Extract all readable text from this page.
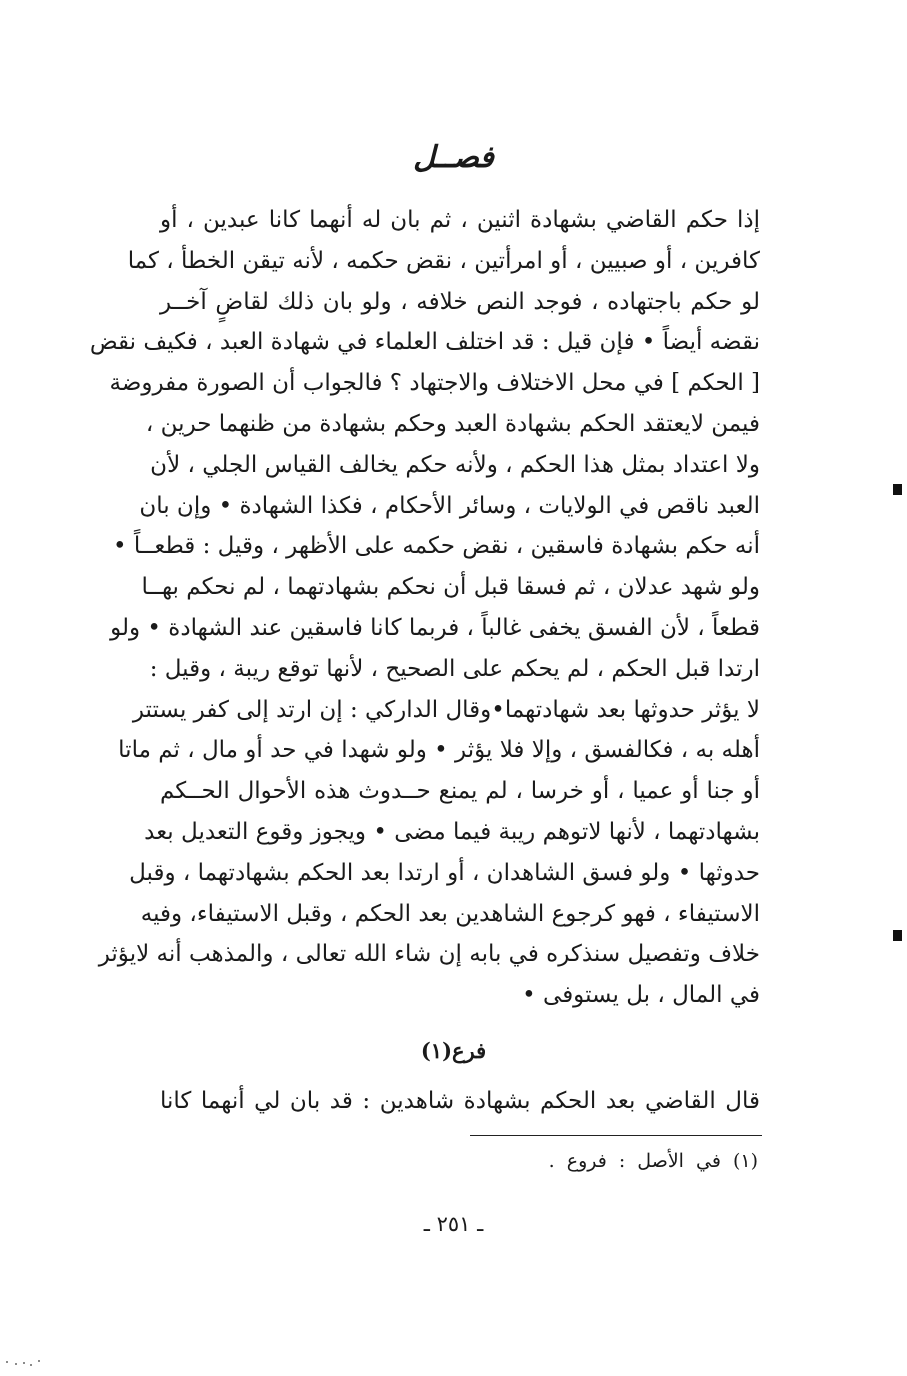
فصــل
إذا حكم القاضي بشهادة اثنين ، ثم بان له أنهما كانا عبدين ، أو
كافرين ، أو صبيين ، أو امرأتين ، نقض حكمه ، لأنه تيقن الخطأ ، كما
لو حكم باجتهاده ، فوجد النص خلافه ، ولو بان ذلك لقاضٍ آخــر
نقضه أيضاً • فإن قيل : قد اختلف العلماء في شهادة العبد ، فكيف نقض
[ الحكم ] في محل الاختلاف والاجتهاد ؟ فالجواب أن الصورة مفروضة
فيمن لايعتقد الحكم بشهادة العبد وحكم بشهادة من ظنهما حرين ،
ولا اعتداد بمثل هذا الحكم ، ولأنه حكم يخالف القياس الجلي ، لأن
العبد ناقص في الولايات ، وسائر الأحكام ، فكذا الشهادة • وإن بان
أنه حكم بشهادة فاسقين ، نقض حكمه على الأظهر ، وقيل : قطعــاً •
ولو شهد عدلان ، ثم فسقا قبل أن نحكم بشهادتهما ، لم نحكم بهــا
قطعاً ، لأن الفسق يخفى غالباً ، فربما كانا فاسقين عند الشهادة • ولو
ارتدا قبل الحكم ، لم يحكم على الصحيح ، لأنها توقع ريبة ، وقيل :
لا يؤثر حدوثها بعد شهادتهما•وقال الداركي : إن ارتد إلى كفر يستتر
أهله به ، فكالفسق ، وإلا فلا يؤثر • ولو شهدا في حد أو مال ، ثم ماتا
أو جنا أو عميا ، أو خرسا ، لم يمنع حــدوث هذه الأحوال الحــكم
بشهادتهما ، لأنها لاتوهم ريبة فيما مضى • ويجوز وقوع التعديل بعد
حدوثها • ولو فسق الشاهدان ، أو ارتدا بعد الحكم بشهادتهما ، وقبل
الاستيفاء ، فهو كرجوع الشاهدين بعد الحكم ، وقبل الاستيفاء، وفيه
خلاف وتفصيل سنذكره في بابه إن شاء الله تعالى ، والمذهب أنه لايؤثر
في المال ، بل يستوفى •
فرع(١)
قال القاضي بعد الحكم بشهادة شاهدين : قد بان لي أنهما كانا
(١) في الأصل : فروع .
ـ ٢٥١ ـ
